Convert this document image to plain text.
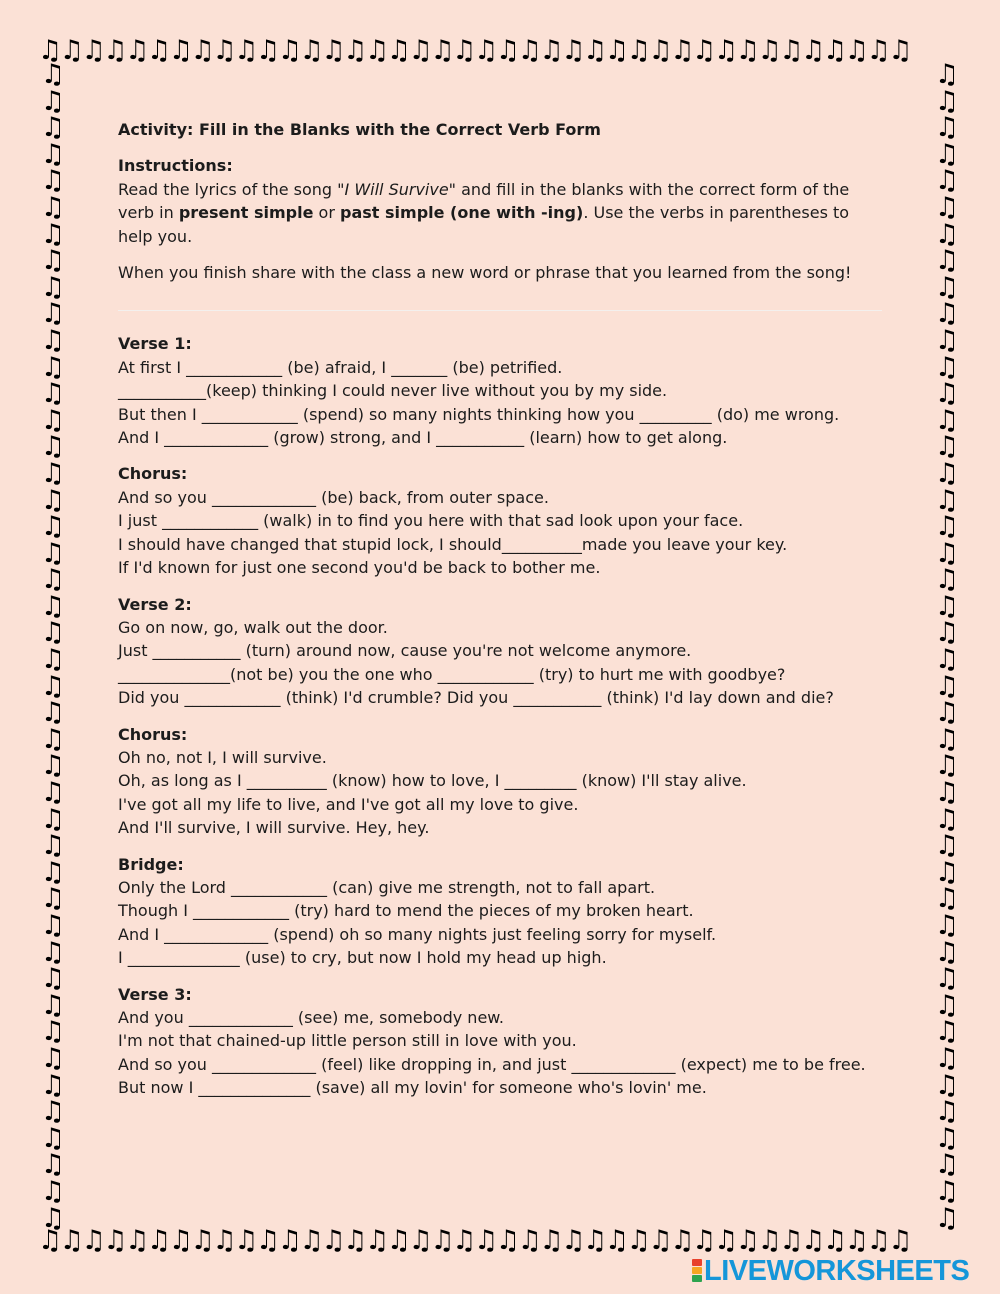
♫♫♫♫♫♫♫♫♫♫♫♫♫♫♫♫♫♫♫♫♫♫♫♫♫♫♫♫♫♫♫♫♫♫♫♫♫♫♫♫
♫♫♫♫♫♫♫♫♫♫♫♫♫♫♫♫♫♫♫♫♫♫♫♫♫♫♫♫♫♫♫♫♫♫♫♫♫♫♫♫
♫
♫
♫
♫
♫
♫
♫
♫
♫
♫
♫
♫
♫
♫
♫
♫
♫
♫
♫
♫
♫
♫
♫
♫
♫
♫
♫
♫
♫
♫
♫
♫
♫
♫
♫
♫
♫
♫
♫
♫
♫
♫
♫
♫
♫
♫
♫
♫
♫
♫
♫
♫
♫
♫
♫
♫
♫
♫
♫
♫
♫
♫
♫
♫
♫
♫
♫
♫
♫
♫
♫
♫
♫
♫
♫
♫
♫
♫
♫
♫
♫
♫
♫
♫
♫
♫
♫
♫

Activity: Fill in the Blanks with the Correct Verb Form

Instructions:

Read the lyrics of the song "I Will Survive" and fill in the blanks with the correct form of the verb in present simple or past simple (one with -ing). Use the verbs in parentheses to help you.

When you finish share with the class a new word or phrase that you learned from the song!

Verse 1:

At first I ____________ (be) afraid, I _______ (be) petrified.

___________(keep) thinking I could never live without you by my side.

But then I ____________ (spend) so many nights thinking how you _________ (do) me wrong.

And I _____________ (grow) strong, and I ___________ (learn) how to get along.

Chorus:

And so you _____________ (be) back, from outer space.

I just ____________ (walk) in to find you here with that sad look upon your face.

I should have changed that stupid lock, I should__________made you leave your key.

If I'd known for just one second you'd be back to bother me.

Verse 2:

Go on now, go, walk out the door.

Just ___________ (turn) around now, cause you're not welcome anymore.

______________(not be) you the one who ____________ (try) to hurt me with goodbye?

Did you ____________ (think) I'd crumble? Did you ___________ (think) I'd lay down and die?

Chorus:

Oh no, not I, I will survive.

Oh, as long as I __________ (know) how to love, I _________ (know) I'll stay alive.

I've got all my life to live, and I've got all my love to give.

And I'll survive, I will survive. Hey, hey.

Bridge:

Only the Lord ____________ (can) give me strength, not to fall apart.

Though I ____________ (try) hard to mend the pieces of my broken heart.

And I _____________ (spend) oh so many nights just feeling sorry for myself.

I ______________ (use) to cry, but now I hold my head up high.

Verse 3:

And you _____________ (see) me, somebody new.

I'm not that chained-up little person still in love with you.

And so you _____________ (feel) like dropping in, and just _____________ (expect) me to be free.

But now I ______________ (save) all my lovin' for someone who's lovin' me.

LIVEWORKSHEETS
